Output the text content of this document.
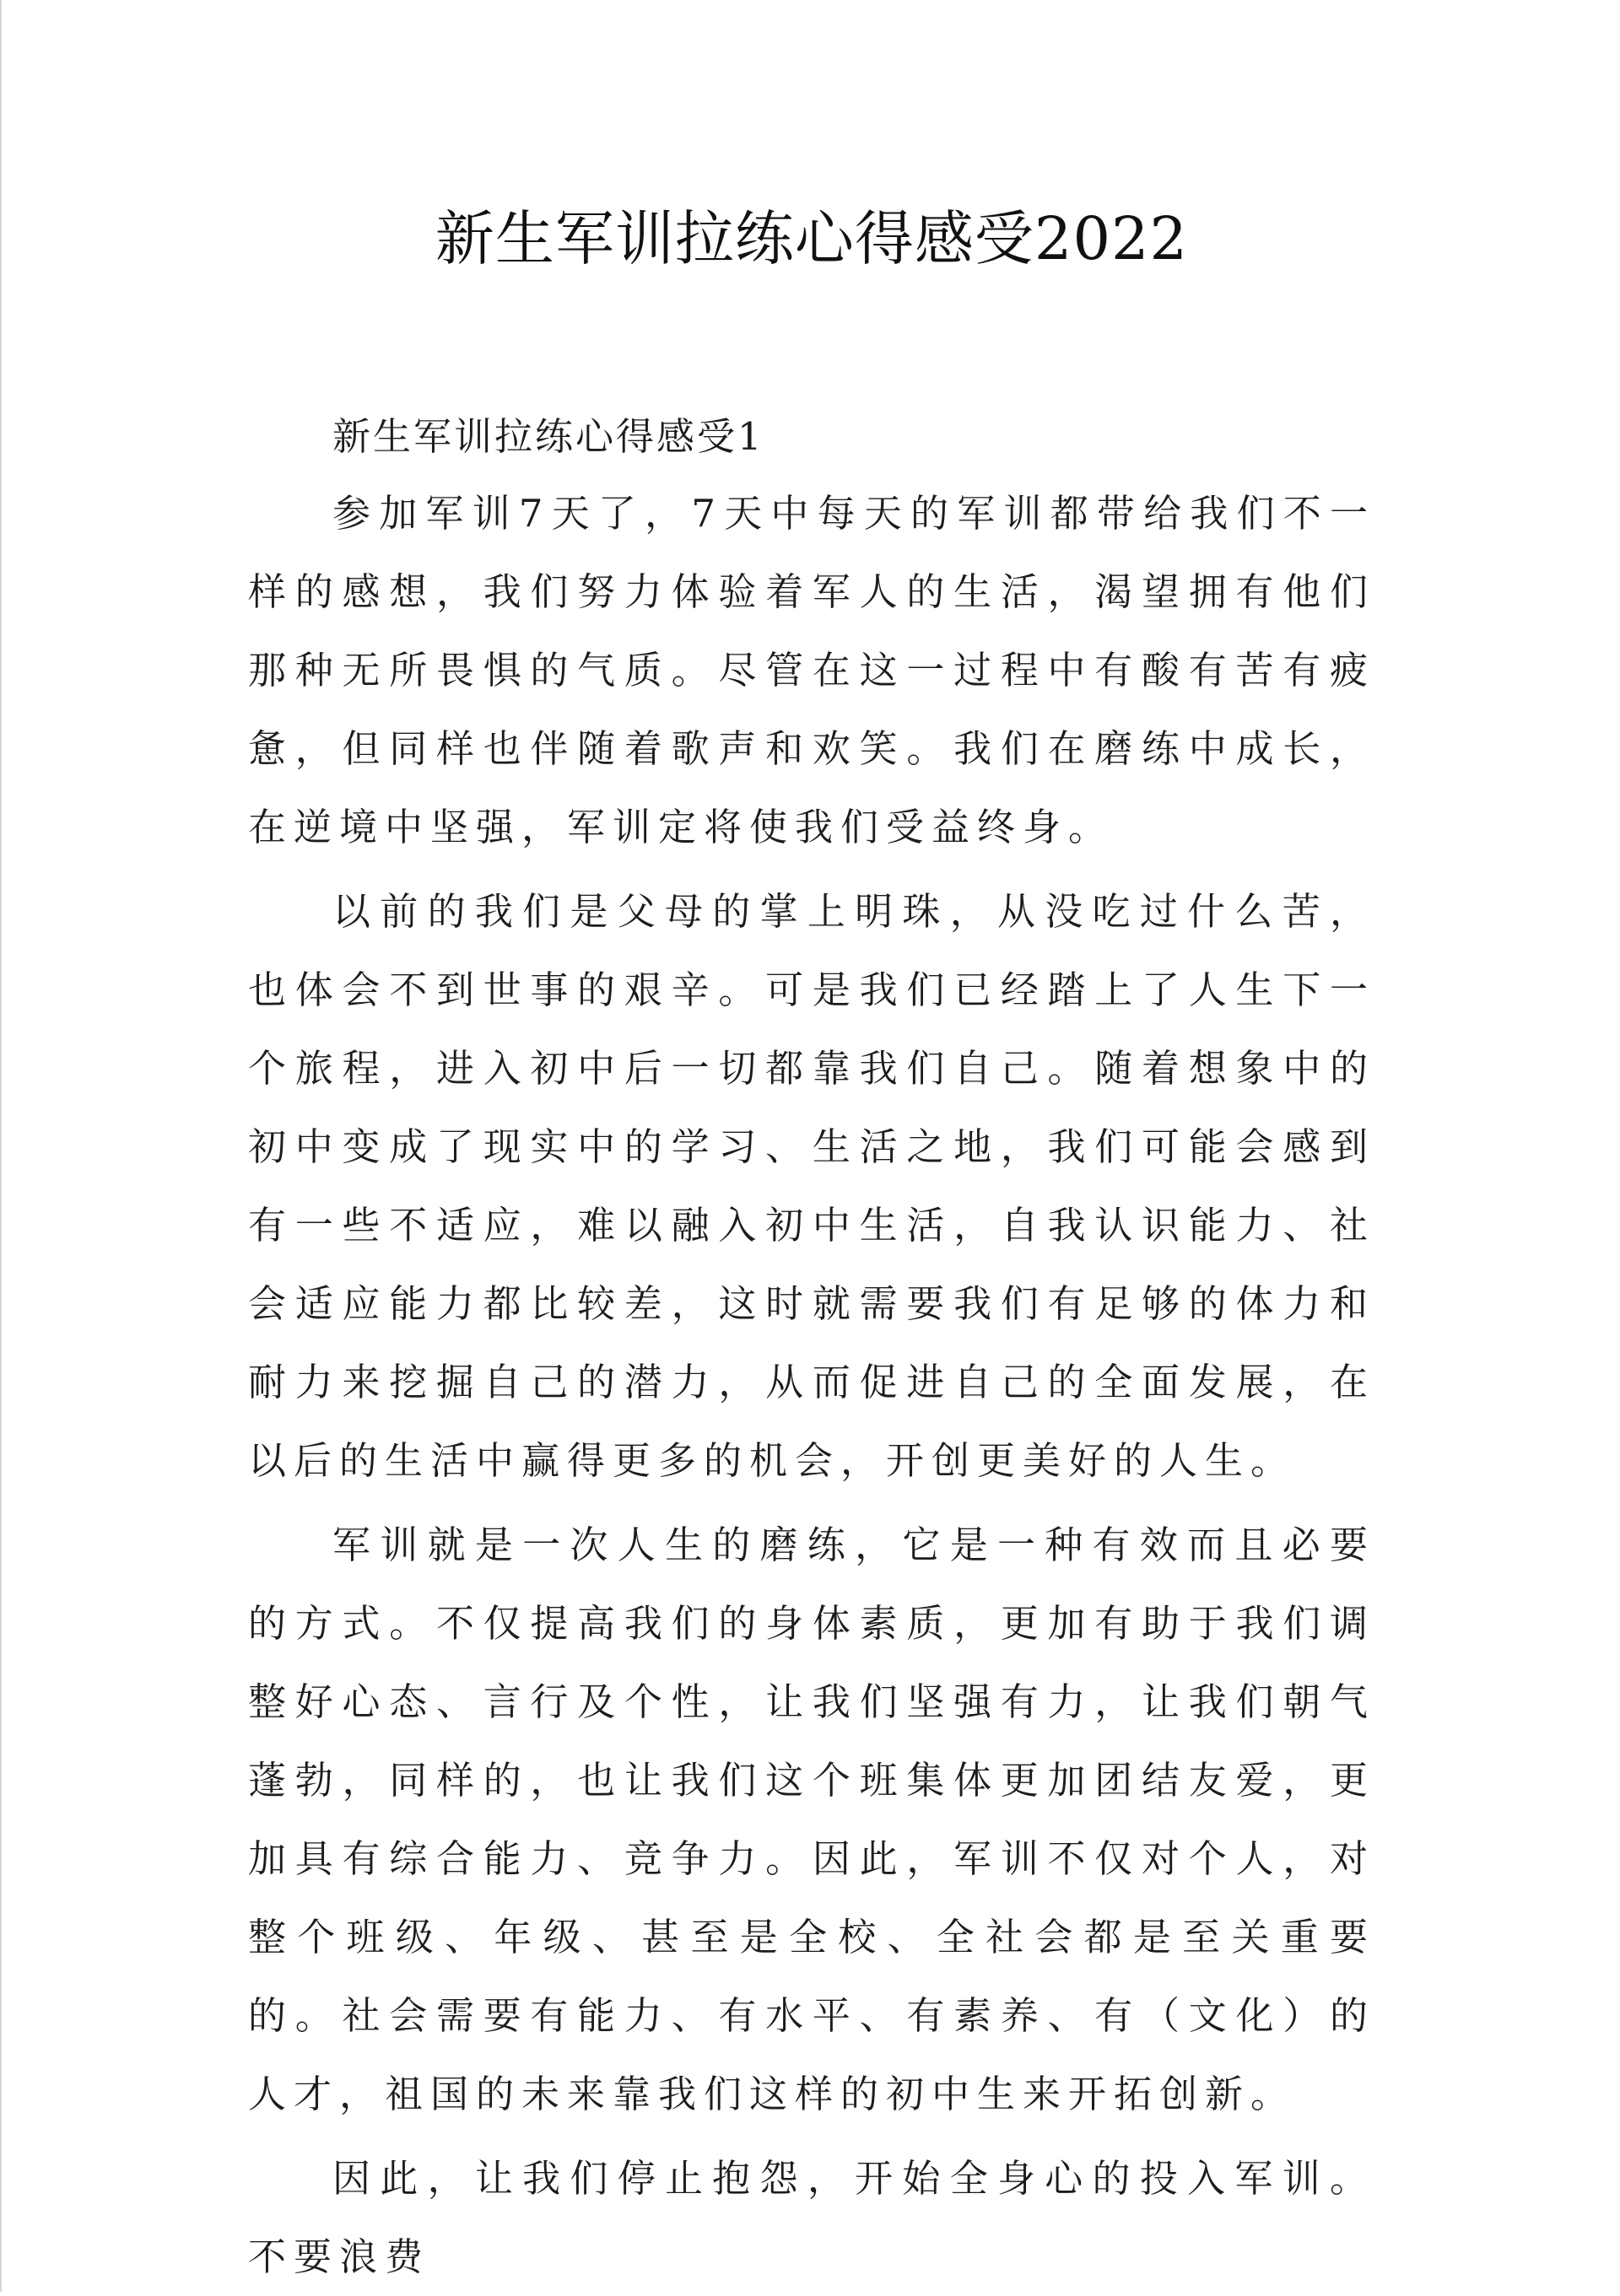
新生军训拉练心得感受2022

新生军训拉练心得感受1

参加军训7天了，7天中每天的军训都带给我们不一样的感想，我们努力体验着军人的生活，渴望拥有他们那种无所畏惧的气质。尽管在这一过程中有酸有苦有疲惫，但同样也伴随着歌声和欢笑。我们在磨练中成长，在逆境中坚强，军训定将使我们受益终身。

以前的我们是父母的掌上明珠，从没吃过什么苦，也体会不到世事的艰辛。可是我们已经踏上了人生下一个旅程，进入初中后一切都靠我们自己。随着想象中的初中变成了现实中的学习、生活之地，我们可能会感到有一些不适应，难以融入初中生活，自我认识能力、社会适应能力都比较差，这时就需要我们有足够的体力和耐力来挖掘自己的潜力，从而促进自己的全面发展，在以后的生活中赢得更多的机会，开创更美好的人生。

军训就是一次人生的磨练，它是一种有效而且必要的方式。不仅提高我们的身体素质，更加有助于我们调整好心态、言行及个性，让我们坚强有力，让我们朝气蓬勃，同样的，也让我们这个班集体更加团结友爱，更加具有综合能力、竞争力。因此，军训不仅对个人，对整个班级、年级、甚至是全校、全社会都是至关重要的。社会需要有能力、有水平、有素养、有（文化）的人才，祖国的未来靠我们这样的初中生来开拓创新。

因此，让我们停止抱怨，开始全身心的投入军训。不要浪费
